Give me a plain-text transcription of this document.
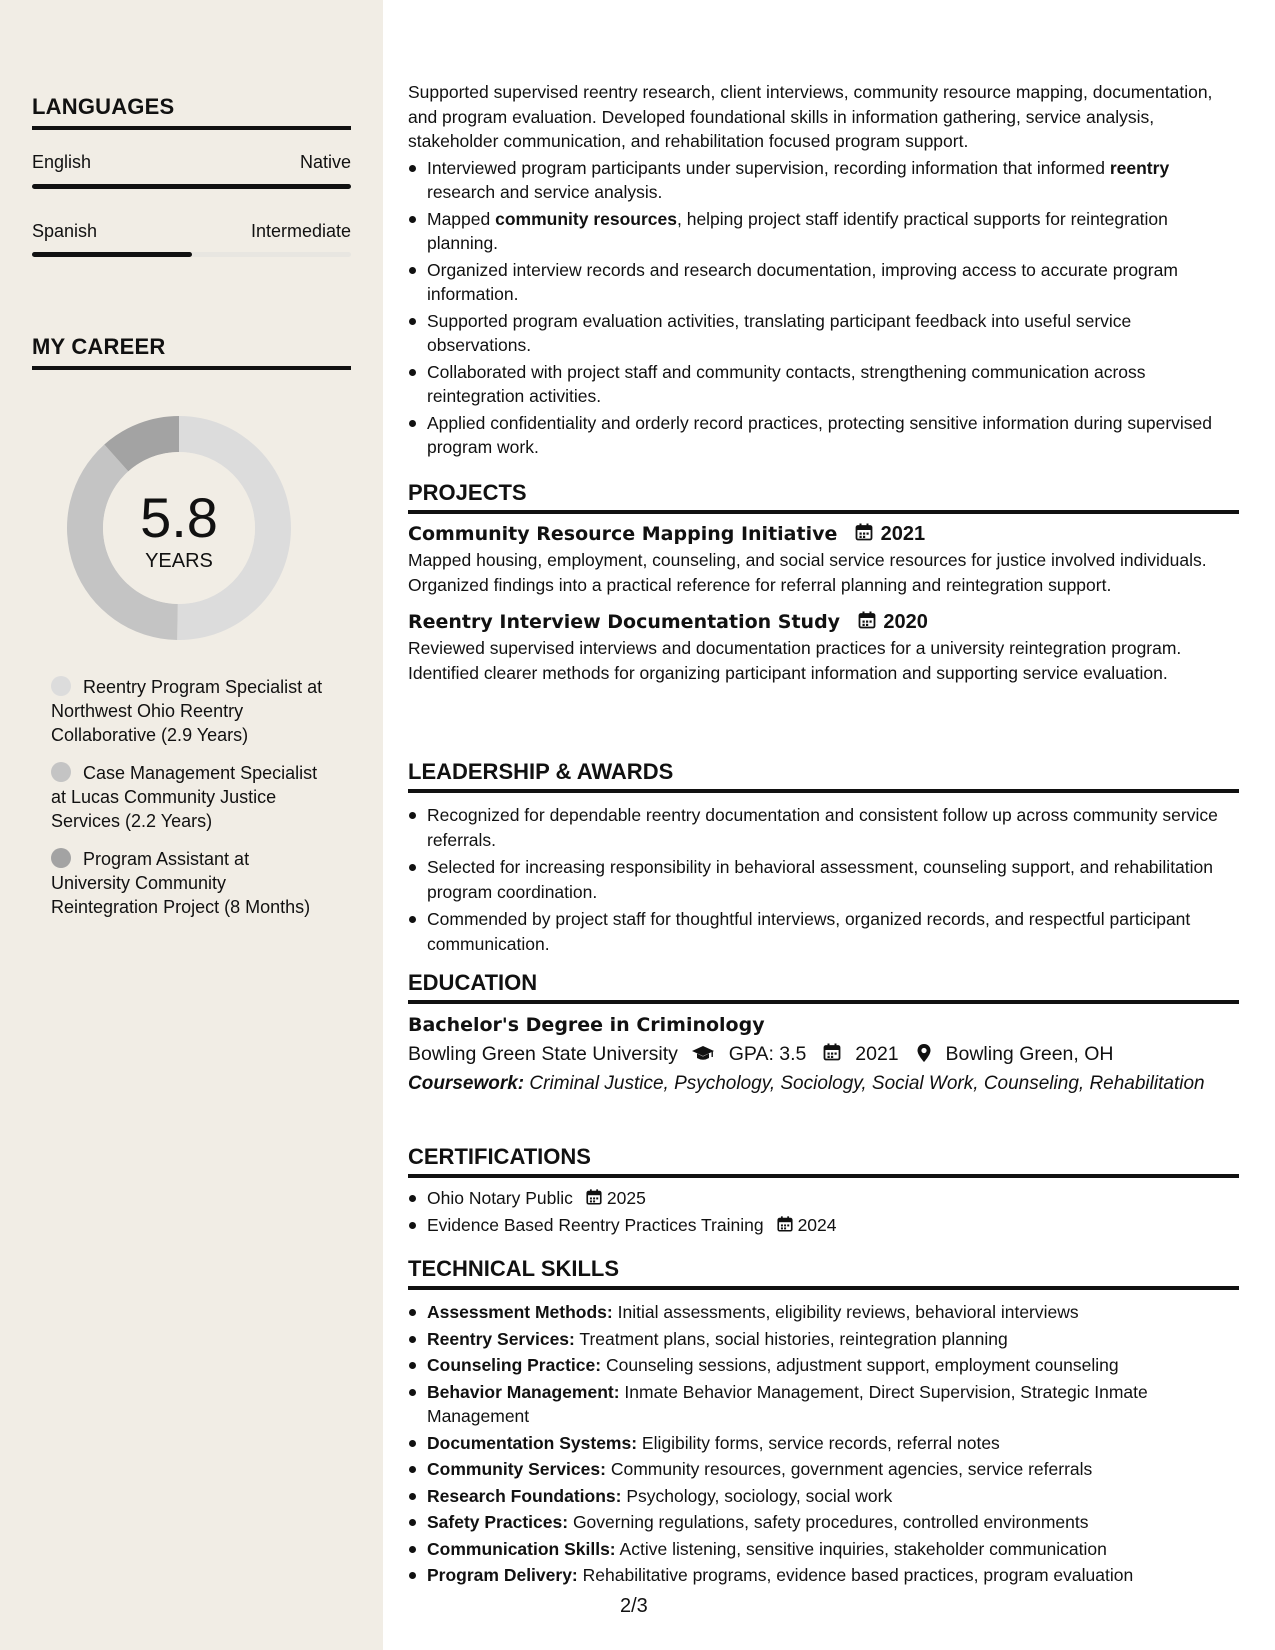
LANGUAGES
English	Native
Spanish	Intermediate
MY CAREER
5.8
YEARS
Reentry Program Specialist at Northwest Ohio Reentry Collaborative (2.9 Years)
Case Management Specialist at Lucas Community Justice Services (2.2 Years)
Program Assistant at University Community Reintegration Project (8 Months)

Supported supervised reentry research, client interviews, community resource mapping, documentation, and program evaluation. Developed foundational skills in information gathering, service analysis, stakeholder communication, and rehabilitation focused program support.

Interviewed program participants under supervision, recording information that informed reentry research and service analysis.
Mapped community resources, helping project staff identify practical supports for reintegration planning.
Organized interview records and research documentation, improving access to accurate program information.
Supported program evaluation activities, translating participant feedback into useful service observations.
Collaborated with project staff and community contacts, strengthening communication across reintegration activities.
Applied confidentiality and orderly record practices, protecting sensitive information during supervised program work.
PROJECTS
Community Resource Mapping Initiative 2021

Mapped housing, employment, counseling, and social service resources for justice involved individuals. Organized findings into a practical reference for referral planning and reintegration support.

Reentry Interview Documentation Study 2020

Reviewed supervised interviews and documentation practices for a university reintegration program. Identified clearer methods for organizing participant information and supporting service evaluation.

LEADERSHIP & AWARDS
Recognized for dependable reentry documentation and consistent follow up across community service referrals.
Selected for increasing responsibility in behavioral assessment, counseling support, and rehabilitation program coordination.
Commended by project staff for thoughtful interviews, organized records, and respectful participant communication.
EDUCATION
Bachelor's Degree in Criminology
Bowling Green State University	GPA: 3.5	2021 Bowling Green, OH

Coursework: Criminal Justice, Psychology, Sociology, Social Work, Counseling, Rehabilitation

CERTIFICATIONS
Ohio Notary Public 2025
Evidence Based Reentry Practices Training 2024
TECHNICAL SKILLS
Assessment Methods: Initial assessments, eligibility reviews, behavioral interviews
Reentry Services: Treatment plans, social histories, reintegration planning
Counseling Practice: Counseling sessions, adjustment support, employment counseling
Behavior Management: Inmate Behavior Management, Direct Supervision, Strategic Inmate Management
Documentation Systems: Eligibility forms, service records, referral notes
Community Services: Community resources, government agencies, service referrals
Research Foundations: Psychology, sociology, social work
Safety Practices: Governing regulations, safety procedures, controlled environments
Communication Skills: Active listening, sensitive inquiries, stakeholder communication
Program Delivery: Rehabilitative programs, evidence based practices, program evaluation
2/3
